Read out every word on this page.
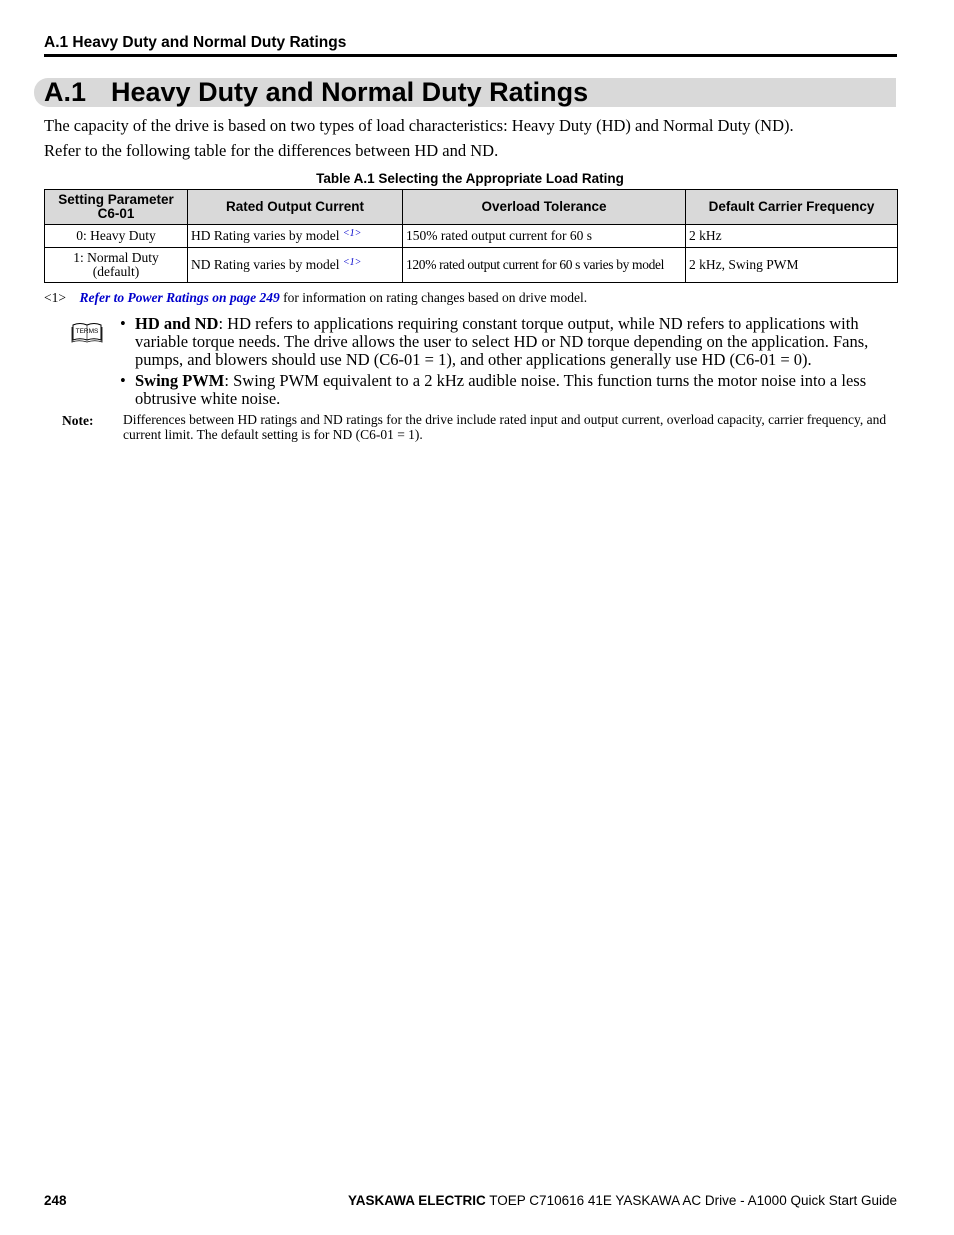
A.1 Heavy Duty and Normal Duty Ratings
A.1 Heavy Duty and Normal Duty Ratings
The capacity of the drive is based on two types of load characteristics: Heavy Duty (HD) and Normal Duty (ND).
Refer to the following table for the differences between HD and ND.
Table A.1 Selecting the Appropriate Load Rating
Setting Parameter C6-01	Rated Output Current	Overload Tolerance	Default Carrier Frequency
0: Heavy Duty	HD Rating varies by model $^{<1>}$	150% rated output current for 60 s	2 kHz
1: Normal Duty
(default)	ND Rating varies by model $^{<1>}$	120% rated output current for 60 s varies by model	2 kHz, Swing PWM
<1> Refer to Power Ratings on page 249 for information on rating changes based on drive model.
TERMS • HD and ND: HD refers to applications requiring constant torque output, while ND refers to applications with variable torque needs. The drive allows the user to select HD or ND torque depending on the application. Fans, pumps, and blowers should use ND (C6-01 = 1), and other applications generally use HD (C6-01 = 0).
• Swing PWM: Swing PWM equivalent to a 2 kHz audible noise. This function turns the motor noise into a less obtrusive white noise.
Note: Differences between HD ratings and ND ratings for the drive include rated input and output current, overload capacity, carrier frequency, and current limit. The default setting is for ND (C6-01 = 1).
248	YASKAWA ELECTRIC TOEP C710616 41E YASKAWA AC Drive - A1000 Quick Start Guide
